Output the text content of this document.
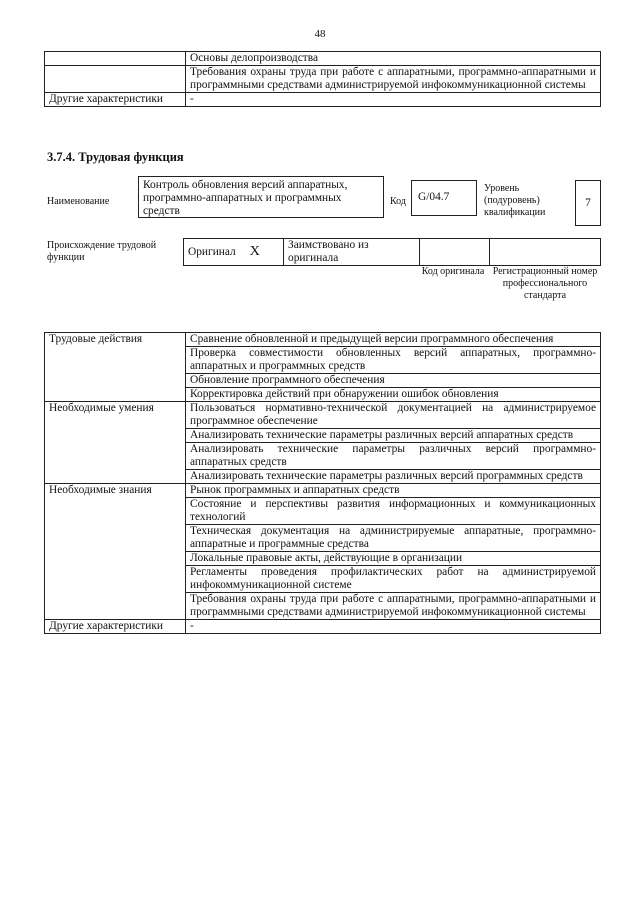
48
	Основы делопроизводства
	Требования охраны труда при работе с аппаратными, программно-аппаратными и программными средствами администрируемой инфокоммуникационной системы
Другие характеристики	-
3.7.4. Трудовая функция
Наименование
Контроль обновления версий аппаратных, программно-аппаратных и программных средств
Код	G/04.7
Уровень (подуровень) квалификации
7
Происхождение трудовой функции	Оригинал X	Заимствовано из оригинала		
Код оригинала Регистрационный номер профессионального стандарта
Трудовые действия	Сравнение обновленной и предыдущей версии программного обеспечения
	Проверка совместимости обновленных версий аппаратных, программно-аппаратных и программных средств
	Обновление программного обеспечения
	Корректировка действий при обнаружении ошибок обновления
Необходимые умения	Пользоваться нормативно-технической документацией на администрируемое программное обеспечение
	Анализировать технические параметры различных версий аппаратных средств
	Анализировать технические параметры различных версий программно-аппаратных средств
	Анализировать технические параметры различных версий программных средств
Необходимые знания	Рынок программных и аппаратных средств
	Состояние и перспективы развития информационных и коммуникационных технологий
	Техническая документация на администрируемые аппаратные, программно-аппаратные и программные средства
	Локальные правовые акты, действующие в организации
	Регламенты проведения профилактических работ на администрируемой инфокоммуникационной системе
	Требования охраны труда при работе с аппаратными, программно-аппаратными и программными средствами администрируемой инфокоммуникационной системы
Другие характеристики	-
